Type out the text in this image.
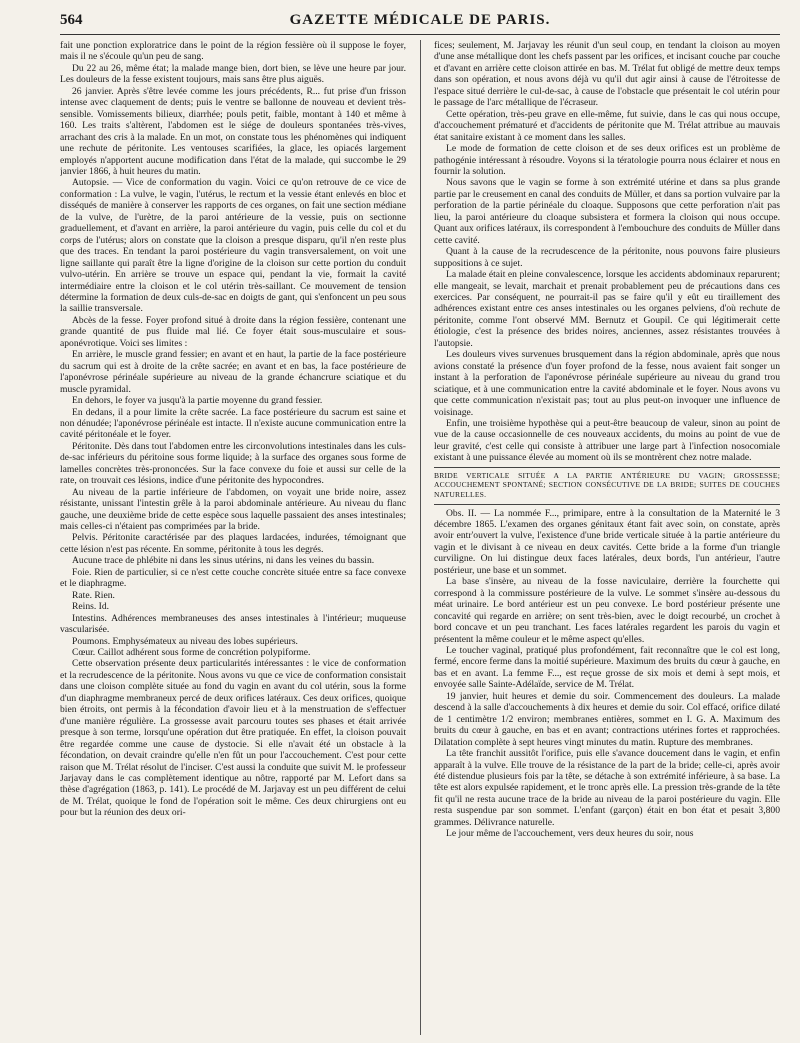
564	GAZETTE MÉDICALE DE PARIS.

fait une ponction exploratrice dans le point de la région fessière où il suppose le foyer, mais il ne s'écoule qu'un peu de sang.

Du 22 au 26, même état; la malade mange bien, dort bien, se lève une heure par jour. Les douleurs de la fesse existent toujours, mais sans être plus aiguës.

26 janvier. Après s'être levée comme les jours précédents, R... fut prise d'un frisson intense avec claquement de dents; puis le ventre se ballonne de nouveau et devient très-sensible. Vomissements bilieux, diarrhée; pouls petit, faible, montant à 140 et même à 160. Les traits s'altèrent, l'abdomen est le siége de douleurs spontanées très-vives, arrachant des cris à la malade. En un mot, on constate tous les phénomènes qui indiquent une rechute de péritonite. Les ventouses scarifiées, la glace, les opiacés largement employés n'apportent aucune modification dans l'état de la malade, qui succombe le 29 janvier 1866, à huit heures du matin.

Autopsie. — Vice de conformation du vagin. Voici ce qu'on retrouve de ce vice de conformation : La vulve, le vagin, l'utérus, le rectum et la vessie étant enlevés en bloc et disséqués de manière à conserver les rapports de ces organes, on fait une section médiane de la vulve, de l'urètre, de la paroi antérieure de la vessie, puis on sectionne graduellement, et d'avant en arrière, la paroi antérieure du vagin, puis celle du col et du corps de l'utérus; alors on constate que la cloison a presque disparu, qu'il n'en reste plus que des traces. En tendant la paroi postérieure du vagin transversalement, on voit une ligne saillante qui paraît être la ligne d'origine de la cloison sur cette portion du conduit vulvo-utérin. En arrière se trouve un espace qui, pendant la vie, formait la cavité intermédiaire entre la cloison et le col utérin très-saillant. Ce mouvement de tension détermine la formation de deux culs-de-sac en doigts de gant, qui s'enfoncent un peu sous la saillie transversale.

Abcès de la fesse. Foyer profond situé à droite dans la région fessière, contenant une grande quantité de pus fluide mal lié. Ce foyer était sous-musculaire et sous-aponévrotique. Voici ses limites :

En arrière, le muscle grand fessier; en avant et en haut, la partie de la face postérieure du sacrum qui est à droite de la crête sacrée; en avant et en bas, la face postérieure de l'aponévrose périnéale supérieure au niveau de la grande échancrure sciatique et du muscle pyramidal.

En dehors, le foyer va jusqu'à la partie moyenne du grand fessier.

En dedans, il a pour limite la crête sacrée. La face postérieure du sacrum est saine et non dénudée; l'aponévrose périnéale est intacte. Il n'existe aucune communication entre la cavité péritonéale et le foyer.

Péritonite. Dès dans tout l'abdomen entre les circonvolutions intestinales dans les culs-de-sac inférieurs du péritoine sous forme liquide; à la surface des organes sous forme de lamelles concrètes très-prononcées. Sur la face convexe du foie et aussi sur celle de la rate, on trouvait ces lésions, indice d'une péritonite des hypocondres.

Au niveau de la partie inférieure de l'abdomen, on voyait une bride noire, assez résistante, unissant l'intestin grêle à la paroi abdominale antérieure. Au niveau du flanc gauche, une deuxième bride de cette espèce sous laquelle passaient des anses intestinales; mais celles-ci n'étaient pas comprimées par la bride.

Pelvis. Péritonite caractérisée par des plaques lardacées, indurées, témoignant que cette lésion n'est pas récente. En somme, péritonite à tous les degrés.

Aucune trace de phlébite ni dans les sinus utérins, ni dans les veines du bassin.

Foie. Rien de particulier, si ce n'est cette couche concrète située entre sa face convexe et le diaphragme.

Rate. Rien.

Reins. Id.

Intestins. Adhérences membraneuses des anses intestinales à l'intérieur; muqueuse vascularisée.

Poumons. Emphysémateux au niveau des lobes supérieurs.

Cœur. Caillot adhérent sous forme de concrétion polypiforme.

Cette observation présente deux particularités intéressantes : le vice de conformation et la recrudescence de la péritonite. Nous avons vu que ce vice de conformation consistait dans une cloison complète située au fond du vagin en avant du col utérin, sous la forme d'un diaphragme membraneux percé de deux orifices latéraux. Ces deux orifices, quoique bien étroits, ont permis à la fécondation d'avoir lieu et à la menstruation de s'effectuer d'une manière régulière. La grossesse avait parcouru toutes ses phases et était arrivée presque à son terme, lorsqu'une opération dut être pratiquée. En effet, la cloison pouvait être regardée comme une cause de dystocie. Si elle n'avait été un obstacle à la fécondation, on devait craindre qu'elle n'en fût un pour l'accouchement. C'est pour cette raison que M. Trélat résolut de l'inciser. C'est aussi la conduite que suivit M. le professeur Jarjavay dans le cas complètement identique au nôtre, rapporté par M. Lefort dans sa thèse d'agrégation (1863, p. 141). Le procédé de M. Jarjavay est un peu différent de celui de M. Trélat, quoique le fond de l'opération soit le même. Ces deux chirurgiens ont eu pour but la réunion des deux ori-

fices; seulement, M. Jarjavay les réunit d'un seul coup, en tendant la cloison au moyen d'une anse métallique dont les chefs passent par les orifices, et incisant couche par couche et d'avant en arrière cette cloison attirée en bas. M. Trélat fut obligé de mettre deux temps dans son opération, et nous avons déjà vu qu'il dut agir ainsi à cause de l'étroitesse de l'espace situé derrière le cul-de-sac, à cause de l'obstacle que présentait le col utérin pour le passage de l'arc métallique de l'écraseur.

Cette opération, très-peu grave en elle-même, fut suivie, dans le cas qui nous occupe, d'accouchement prématuré et d'accidents de péritonite que M. Trélat attribue au mauvais état sanitaire existant à ce moment dans les salles.

Le mode de formation de cette cloison et de ses deux orifices est un problème de pathogénie intéressant à résoudre. Voyons si la tératologie pourra nous éclairer et nous en fournir la solution.

Nous savons que le vagin se forme à son extrémité utérine et dans sa plus grande partie par le creusement en canal des conduits de Müller, et dans sa portion vulvaire par la perforation de la partie périnéale du cloaque. Supposons que cette perforation n'ait pas lieu, la paroi antérieure du cloaque subsistera et formera la cloison qui nous occupe. Quant aux orifices latéraux, ils correspondent à l'embouchure des conduits de Müller dans cette cavité.

Quant à la cause de la recrudescence de la péritonite, nous pouvons faire plusieurs suppositions à ce sujet.

La malade était en pleine convalescence, lorsque les accidents abdominaux reparurent; elle mangeait, se levait, marchait et prenait probablement peu de précautions dans ces exercices. Par conséquent, ne pourrait-il pas se faire qu'il y eût eu tiraillement des adhérences existant entre ces anses intestinales ou les organes pelviens, d'où rechute de péritonite, comme l'ont observé MM. Bernutz et Goupil. Ce qui légitimerait cette étiologie, c'est la présence des brides noires, anciennes, assez résistantes trouvées à l'autopsie.

Les douleurs vives survenues brusquement dans la région abdominale, après que nous avions constaté la présence d'un foyer profond de la fesse, nous avaient fait songer un instant à la perforation de l'aponévrose périnéale supérieure au niveau du grand trou sciatique, et à une communication entre la cavité abdominale et le foyer. Nous avons vu que cette communication n'existait pas; tout au plus peut-on invoquer une influence de voisinage.

Enfin, une troisième hypothèse qui a peut-être beaucoup de valeur, sinon au point de vue de la cause occasionnelle de ces nouveaux accidents, du moins au point de vue de leur gravité, c'est celle qui consiste à attribuer une large part à l'infection nosocomiale existant à une puissance élevée au moment où ils se montrèrent chez notre malade.

BRIDE VERTICALE SITUÉE A LA PARTIE ANTÉRIEURE DU VAGIN; GROSSESSE; ACCOUCHEMENT SPONTANÉ; SECTION CONSÉCUTIVE DE LA BRIDE; SUITES DE COUCHES NATURELLES.

Obs. II. — La nommée F..., primipare, entre à la consultation de la Maternité le 3 décembre 1865. L'examen des organes génitaux étant fait avec soin, on constate, après avoir entr'ouvert la vulve, l'existence d'une bride verticale située à la partie antérieure du vagin et le divisant à ce niveau en deux cavités. Cette bride a la forme d'un triangle curviligne. On lui distingue deux faces latérales, deux bords, l'un antérieur, l'autre postérieur, une base et un sommet.

La base s'insère, au niveau de la fosse naviculaire, derrière la fourchette qui correspond à la commissure postérieure de la vulve. Le sommet s'insère au-dessous du méat urinaire. Le bord antérieur est un peu convexe. Le bord postérieur présente une concavité qui regarde en arrière; on sent très-bien, avec le doigt recourbé, un crochet à bord concave et un peu tranchant. Les faces latérales regardent les parois du vagin et présentent la même couleur et le même aspect qu'elles.

Le toucher vaginal, pratiqué plus profondément, fait reconnaître que le col est long, fermé, encore ferme dans la moitié supérieure. Maximum des bruits du cœur à gauche, en bas et en avant. La femme F..., est reçue grosse de six mois et demi à sept mois, et envoyée salle Sainte-Adélaïde, service de M. Trélat.

19 janvier, huit heures et demie du soir. Commencement des douleurs. La malade descend à la salle d'accouchements à dix heures et demie du soir. Col effacé, orifice dilaté de 1 centimètre 1/2 environ; membranes entières, sommet en I. G. A. Maximum des bruits du cœur à gauche, en bas et en avant; contractions utérines fortes et rapprochées. Dilatation complète à sept heures vingt minutes du matin. Rupture des membranes.

La tête franchit aussitôt l'orifice, puis elle s'avance doucement dans le vagin, et enfin apparaît à la vulve. Elle trouve de la résistance de la part de la bride; celle-ci, après avoir été distendue plusieurs fois par la tête, se détache à son extrémité inférieure, à sa base. La tête est alors expulsée rapidement, et le tronc après elle. La pression très-grande de la tête fit qu'il ne resta aucune trace de la bride au niveau de la paroi postérieure du vagin. Elle resta suspendue par son sommet. L'enfant (garçon) était en bon état et pesait 3,800 grammes. Délivrance naturelle.

Le jour même de l'accouchement, vers deux heures du soir, nous
